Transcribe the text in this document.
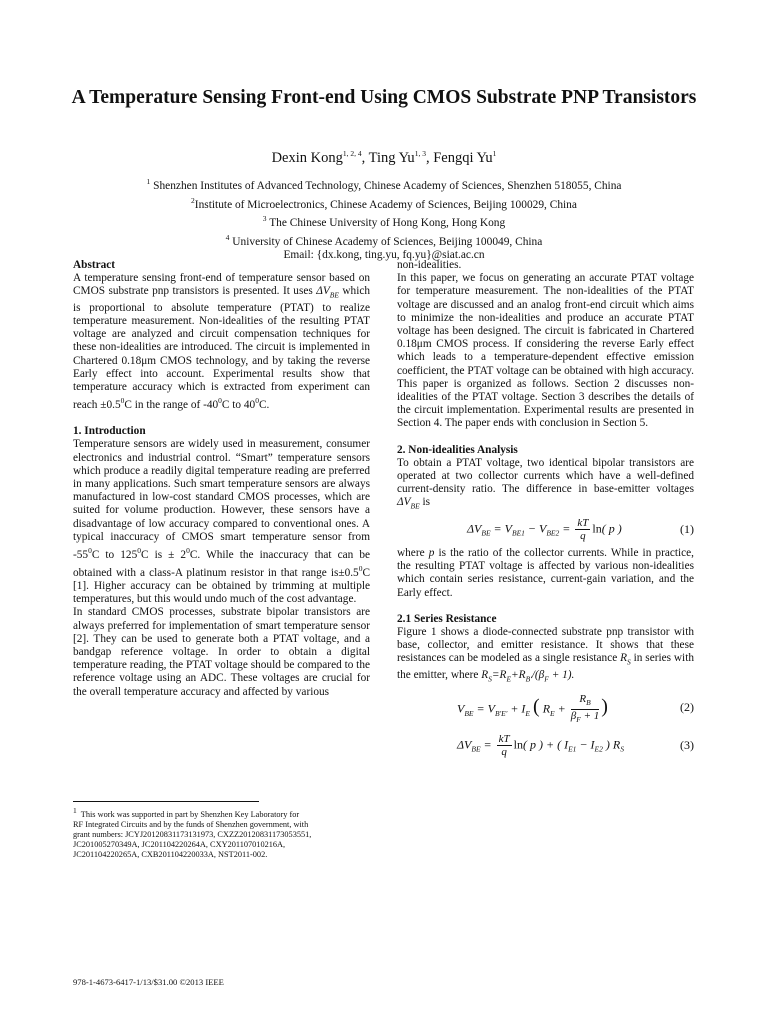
A Temperature Sensing Front-end Using CMOS Substrate PNP Transistors
Dexin Kong$^{1, 2, 4}$, Ting Yu$^{1, 3}$, Fengqi Yu$^1$
$^1$ Shenzhen Institutes of Advanced Technology, Chinese Academy of Sciences, Shenzhen 518055, China
$^2$Institute of Microelectronics, Chinese Academy of Sciences, Beijing 100029, China
$^3$ The Chinese University of Hong Kong, Hong Kong
$^4$ University of Chinese Academy of Sciences, Beijing 100049, China
Email: {dx.kong, ting.yu, fq.yu}@siat.ac.cn

Abstract

A temperature sensing front-end of temperature sensor based on CMOS substrate pnp transistors is presented. It uses $\Delta V_{BE}$ which is proportional to absolute temperature (PTAT) to realize temperature measurement. Non-idealities of the resulting PTAT voltage are analyzed and circuit compensation techniques for these non-idealities are introduced. The circuit is implemented in Chartered 0.18μm CMOS technology, and by taking the reverse Early effect into account. Experimental results show that temperature accuracy which is extracted from experiment can reach $\pm 0.5^0C$ in the range of $-40^0C$ to $40^0C$.

1. Introduction

Temperature sensors are widely used in measurement, consumer electronics and industrial control. “Smart” temperature sensors which produce a readily digital temperature reading are preferred in many applications. Such smart temperature sensors are always manufactured in low-cost standard CMOS processes, which are suited for volume production. However, these sensors have a disadvantage of low accuracy compared to conventional ones. A typical inaccuracy of CMOS smart temperature sensor from $-55^0C$ to $125^0C$ is ± $2^0C$. While the inaccuracy that can be obtained with a class-A platinum resistor in that range $is\pm 0.5^0C$ [1]. Higher accuracy can be obtained by trimming at multiple temperatures, but this would undo much of the cost advantage.

In standard CMOS processes, substrate bipolar transistors are always preferred for implementation of smart temperature sensor [2]. They can be used to generate both a PTAT voltage, and a bandgap reference voltage. In order to obtain a digital temperature reading, the PTAT voltage should be compared to the reference voltage using an ADC. These voltages are crucial for the overall temperature accuracy and affected by various

$^1$ This work was supported in part by Shenzhen Key Laboratory for
RF Integrated Circuits and by the funds of Shenzhen government, with
grant numbers: JCYJ20120831173131973, CXZZ20120831173053551,
JC201005270349A, JC201104220264A, CXY201107010216A,
JC201104220265A, CXB201104220033A, NST2011-002.
978-1-4673-6417-1/13/$31.00 ©2013 IEEE

non-idealities.

In this paper, we focus on generating an accurate PTAT voltage for temperature measurement. The non-idealities of the PTAT voltage are discussed and an analog front-end circuit which aims to minimize the non-idealities and produce an accurate PTAT voltage has been designed. The circuit is fabricated in Chartered 0.18μm CMOS process. If considering the reverse Early effect which leads to a temperature-dependent effective emission coefficient, the PTAT voltage can be obtained with high accuracy.

This paper is organized as follows. Section 2 discusses non-idealities of the PTAT voltage. Section 3 describes the details of the circuit implementation. Experimental results are presented in Section 4. The paper ends with conclusion in Section 5.

2. Non-idealities Analysis

To obtain a PTAT voltage, two identical bipolar transistors are operated at two collector currents which have a well-defined current-density ratio. The difference in base-emitter voltages $\Delta V_{BE}$ is

$\Delta V_{BE} = V_{BE1} - V_{BE2} = \frac{kT}{q} \ln$( p )	(1)

where p is the ratio of the collector currents. While in practice, the resulting PTAT voltage is affected by various non-idealities which contain series resistance, current-gain variation, and the Early effect.

2.1 Series Resistance

Figure 1 shows a diode-connected substrate pnp transistor with base, collector, and emitter resistance. It shows that these resistances can be modeled as a single resistance $R_S$ in series with the emitter, where $R_S=R_E+R_{B'}/(\beta_F + 1)$.

$V_{BE} = V_{B'E'} + I_E$ ( $R_E + \frac{R_B}{\beta_F + 1}$ )	(2)
$\Delta V_{BE} = \frac{kT}{q} \ln$( p ) + ( $I_{E1} - I_{E2}$ ) $R_S$	(3)
